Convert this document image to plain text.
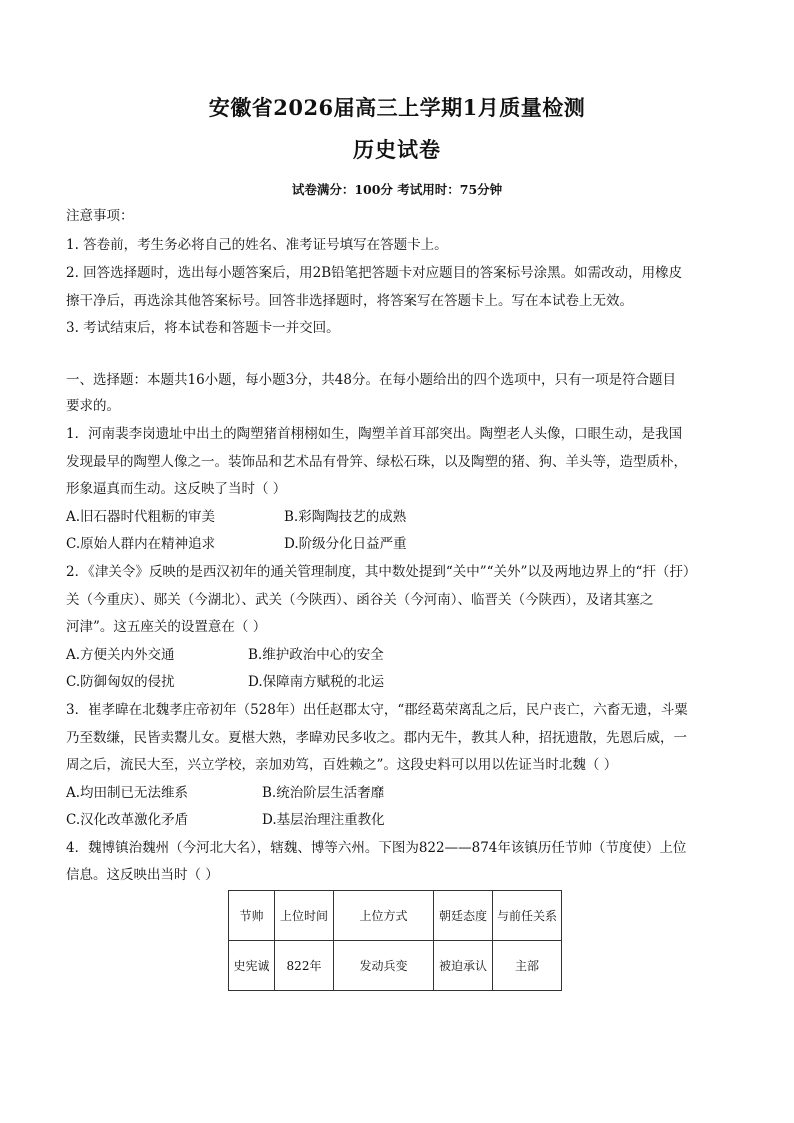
安徽省2026届高三上学期1月质量检测
历史试卷
试卷满分：100分 考试用时：75分钟
注意事项：
1. 答卷前，考生务必将自己的姓名、准考证号填写在答题卡上。
2. 回答选择题时，选出每小题答案后，用2B铅笔把答题卡对应题目的答案标号涂黑。如需改动，用橡皮
擦干净后，再选涂其他答案标号。回答非选择题时，将答案写在答题卡上。写在本试卷上无效。
3. 考试结束后，将本试卷和答题卡一并交回。
一、选择题：本题共16小题，每小题3分，共48分。在每小题给出的四个选项中，只有一项是符合题目
要求的。
1．河南裴李岗遗址中出土的陶塑猪首栩栩如生，陶塑羊首耳部突出。陶塑老人头像，口眼生动，是我国
发现最早的陶塑人像之一。装饰品和艺术品有骨笄、绿松石珠，以及陶塑的猪、狗、羊头等，造型质朴，
形象逼真而生动。这反映了当时（ ）
A.旧石器时代粗粝的审美	B.彩陶陶技艺的成熟
C.原始人群内在精神追求	D.阶级分化日益严重
2．《津关令》反映的是西汉初年的通关管理制度，其中数处提到“关中”“关外”以及两地边界上的“扞（扜）
关（今重庆）、郧关（今湖北）、武关（今陕西）、函谷关（今河南）、临晋关（今陕西），及诸其塞之
河津”。这五座关的设置意在（ ）
A.方便关内外交通	B.维护政治中心的安全
C.防御匈奴的侵扰	D.保障南方赋税的北运
3．崔孝暐在北魏孝庄帝初年（528年）出任赵郡太守，“郡经葛荣离乱之后，民户丧亡，六畜无遗，斗粟
乃至数缣，民皆卖鬻儿女。夏椹大熟，孝暐劝民多收之。郡内无牛，教其人种，招抚遗散，先恩后威，一
周之后，流民大至，兴立学校，亲加劝笃，百姓赖之”。这段史料可以用以佐证当时北魏（ ）
A.均田制已无法维系	B.统治阶层生活奢靡
C.汉化改革激化矛盾	D.基层治理注重教化
4．魏博镇治魏州（今河北大名），辖魏、博等六州。下图为822——874年该镇历任节帅（节度使）上位
信息。这反映出当时（ ）
节帅	上位时间	上位方式	朝廷态度	与前任关系
史宪诚	822年	发动兵变	被迫承认	主部
